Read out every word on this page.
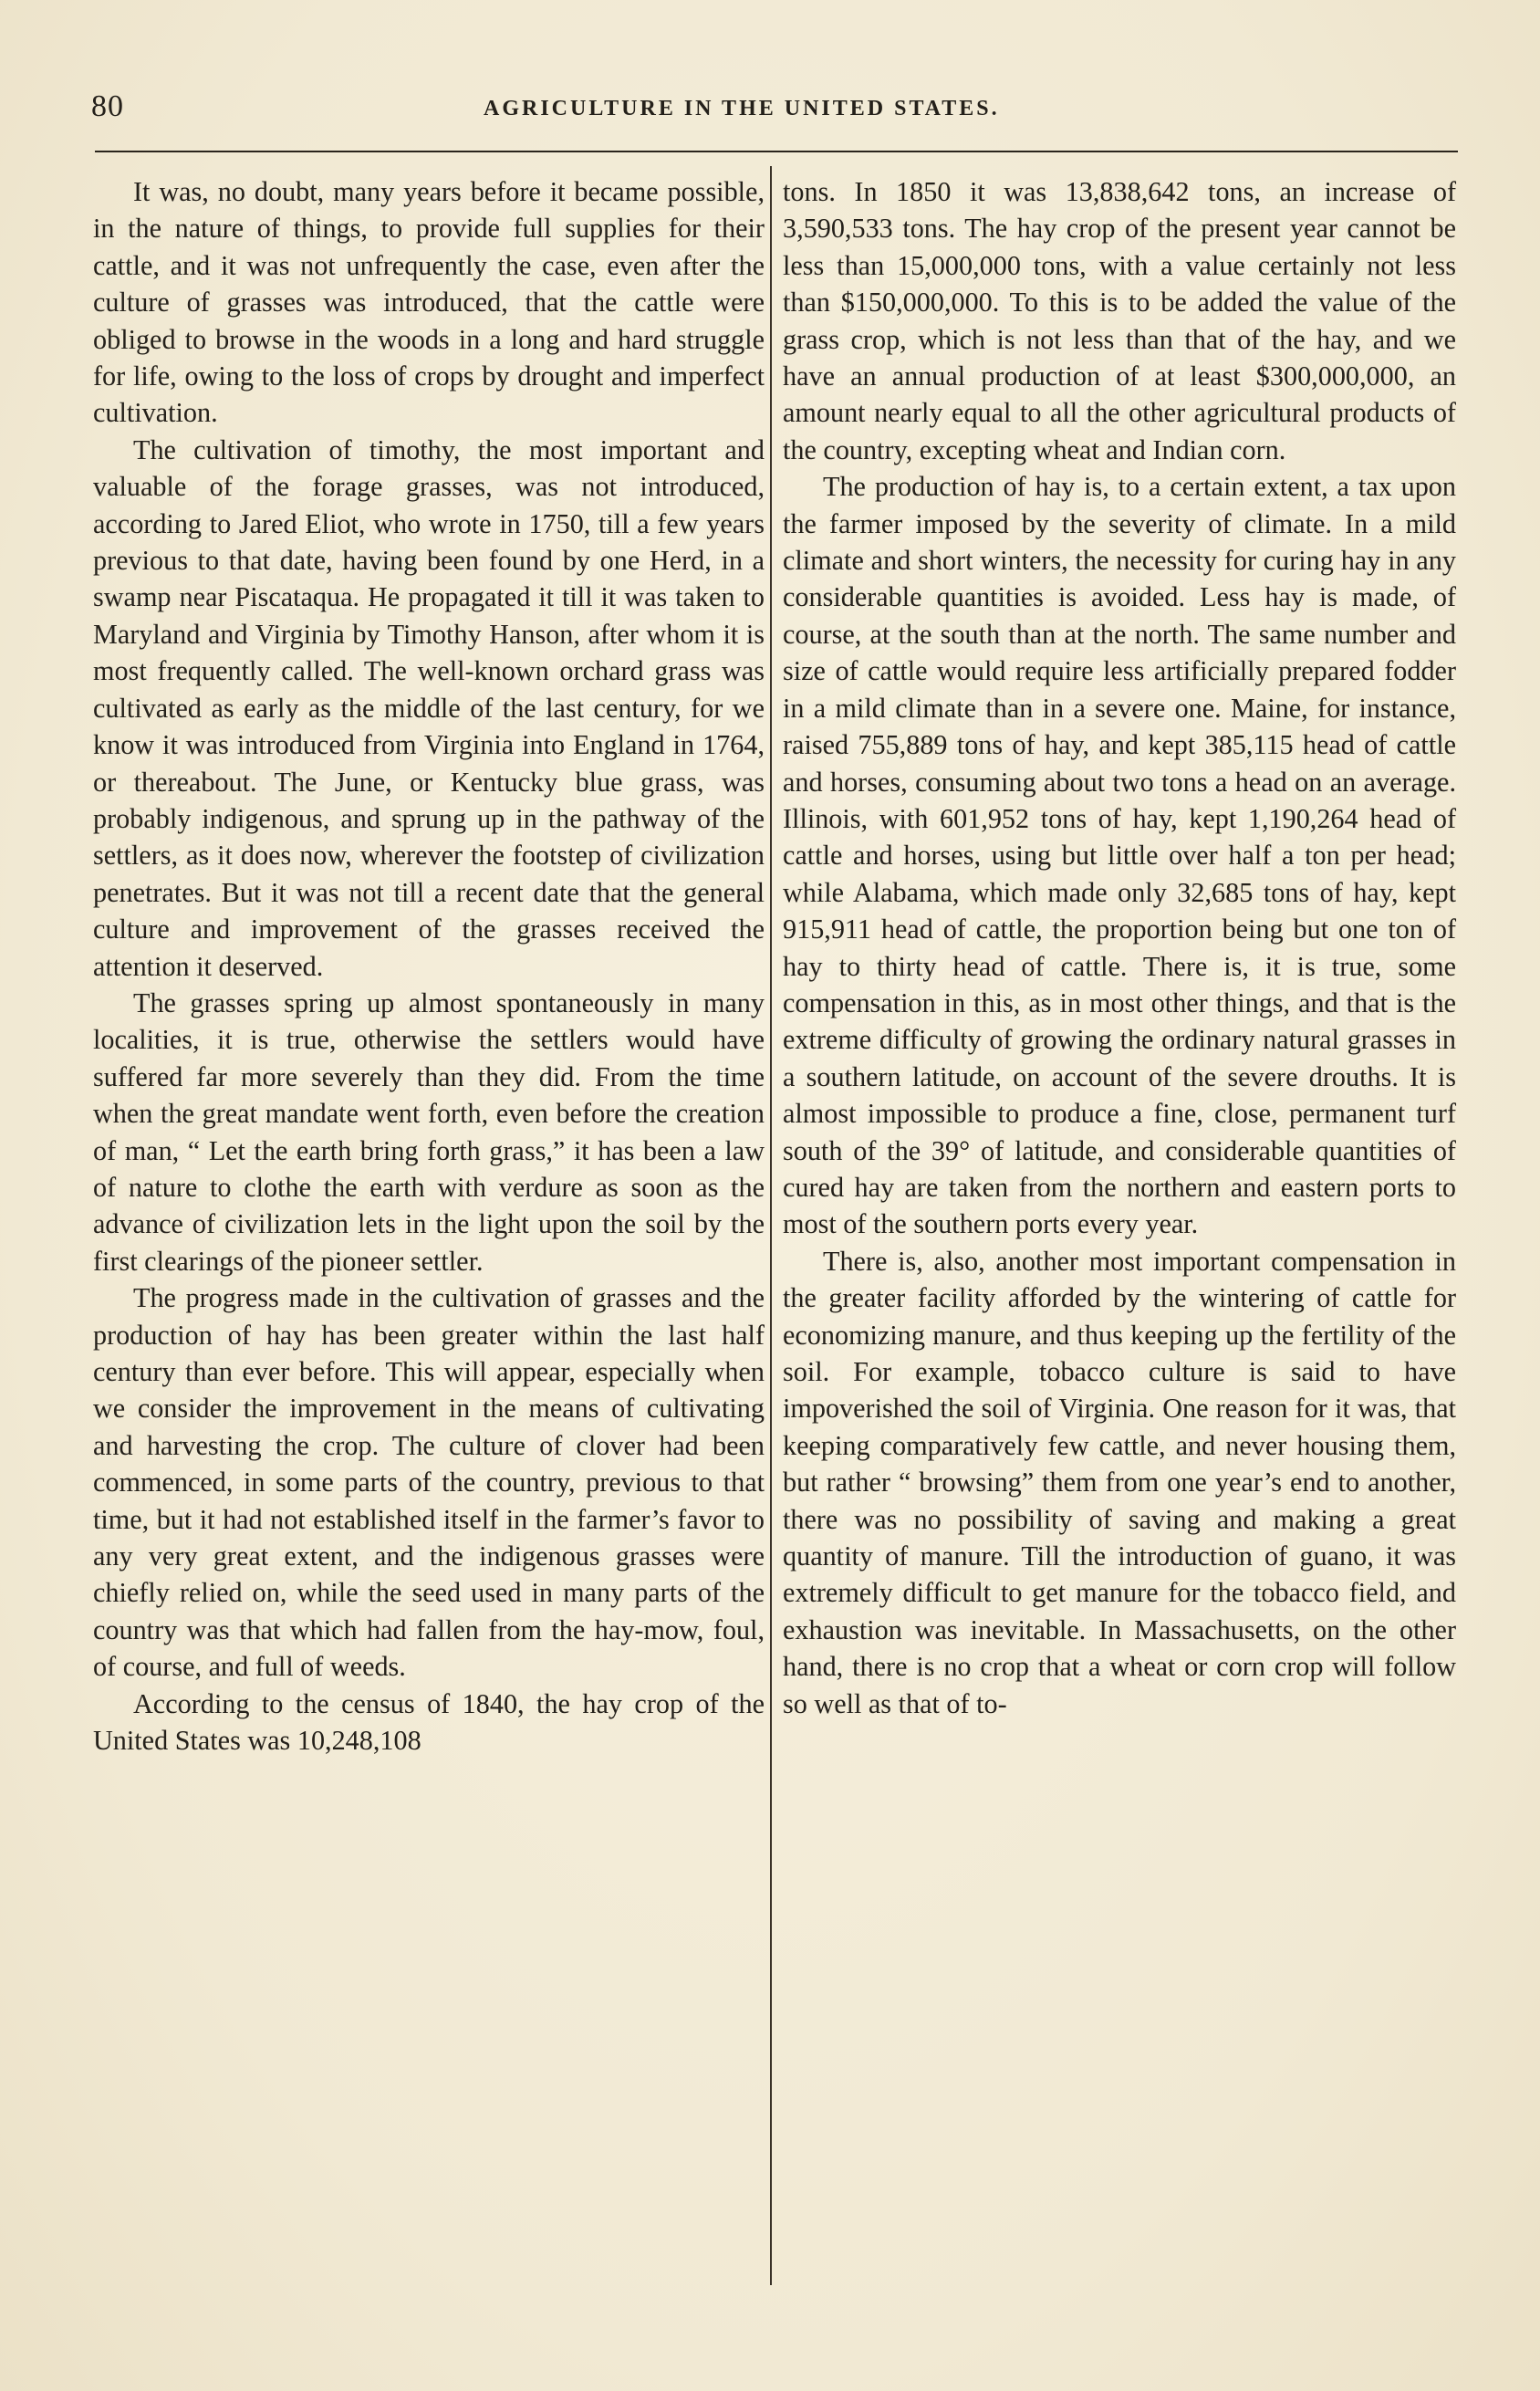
80	AGRICULTURE IN THE UNITED STATES.

It was, no doubt, many years before it became possible, in the nature of things, to provide full supplies for their cattle, and it was not unfrequently the case, even after the culture of grasses was introduced, that the cattle were obliged to browse in the woods in a long and hard struggle for life, owing to the loss of crops by drought and imperfect cultivation.

The cultivation of timothy, the most important and valuable of the forage grasses, was not introduced, according to Jared Eliot, who wrote in 1750, till a few years previous to that date, having been found by one Herd, in a swamp near Piscataqua. He propagated it till it was taken to Maryland and Virginia by Timothy Hanson, after whom it is most frequently called. The well-known orchard grass was cultivated as early as the middle of the last century, for we know it was introduced from Virginia into England in 1764, or thereabout. The June, or Kentucky blue grass, was probably indigenous, and sprung up in the pathway of the settlers, as it does now, wherever the footstep of civilization penetrates. But it was not till a recent date that the general culture and improvement of the grasses received the attention it deserved.

The grasses spring up almost spontaneously in many localities, it is true, otherwise the settlers would have suffered far more severely than they did. From the time when the great mandate went forth, even before the creation of man, “ Let the earth bring forth grass,” it has been a law of nature to clothe the earth with verdure as soon as the advance of civilization lets in the light upon the soil by the first clearings of the pioneer settler.

The progress made in the cultivation of grasses and the production of hay has been greater within the last half century than ever before. This will appear, especially when we consider the improvement in the means of cultivating and harvesting the crop. The culture of clover had been commenced, in some parts of the country, previous to that time, but it had not established itself in the farmer’s favor to any very great extent, and the indigenous grasses were chiefly relied on, while the seed used in many parts of the country was that which had fallen from the hay-mow, foul, of course, and full of weeds.

According to the census of 1840, the hay crop of the United States was 10,248,108

tons. In 1850 it was 13,838,642 tons, an increase of 3,590,533 tons. The hay crop of the present year cannot be less than 15,000,000 tons, with a value certainly not less than $150,000,000. To this is to be added the value of the grass crop, which is not less than that of the hay, and we have an annual production of at least $300,000,000, an amount nearly equal to all the other agricultural products of the country, excepting wheat and Indian corn.

The production of hay is, to a certain extent, a tax upon the farmer imposed by the severity of climate. In a mild climate and short winters, the necessity for curing hay in any considerable quantities is avoided. Less hay is made, of course, at the south than at the north. The same number and size of cattle would require less artificially prepared fodder in a mild climate than in a severe one. Maine, for instance, raised 755,889 tons of hay, and kept 385,115 head of cattle and horses, consuming about two tons a head on an average. Illinois, with 601,952 tons of hay, kept 1,190,264 head of cattle and horses, using but little over half a ton per head; while Alabama, which made only 32,685 tons of hay, kept 915,911 head of cattle, the proportion being but one ton of hay to thirty head of cattle. There is, it is true, some compensation in this, as in most other things, and that is the extreme difficulty of growing the ordinary natural grasses in a southern latitude, on account of the severe drouths. It is almost impossible to produce a fine, close, permanent turf south of the 39° of latitude, and considerable quantities of cured hay are taken from the northern and eastern ports to most of the southern ports every year.

There is, also, another most important compensation in the greater facility afforded by the wintering of cattle for economizing manure, and thus keeping up the fertility of the soil. For example, tobacco culture is said to have impoverished the soil of Virginia. One reason for it was, that keeping comparatively few cattle, and never housing them, but rather “ browsing” them from one year’s end to another, there was no possibility of saving and making a great quantity of manure. Till the introduction of guano, it was extremely difficult to get manure for the tobacco field, and exhaustion was inevitable. In Massachusetts, on the other hand, there is no crop that a wheat or corn crop will follow so well as that of to-
